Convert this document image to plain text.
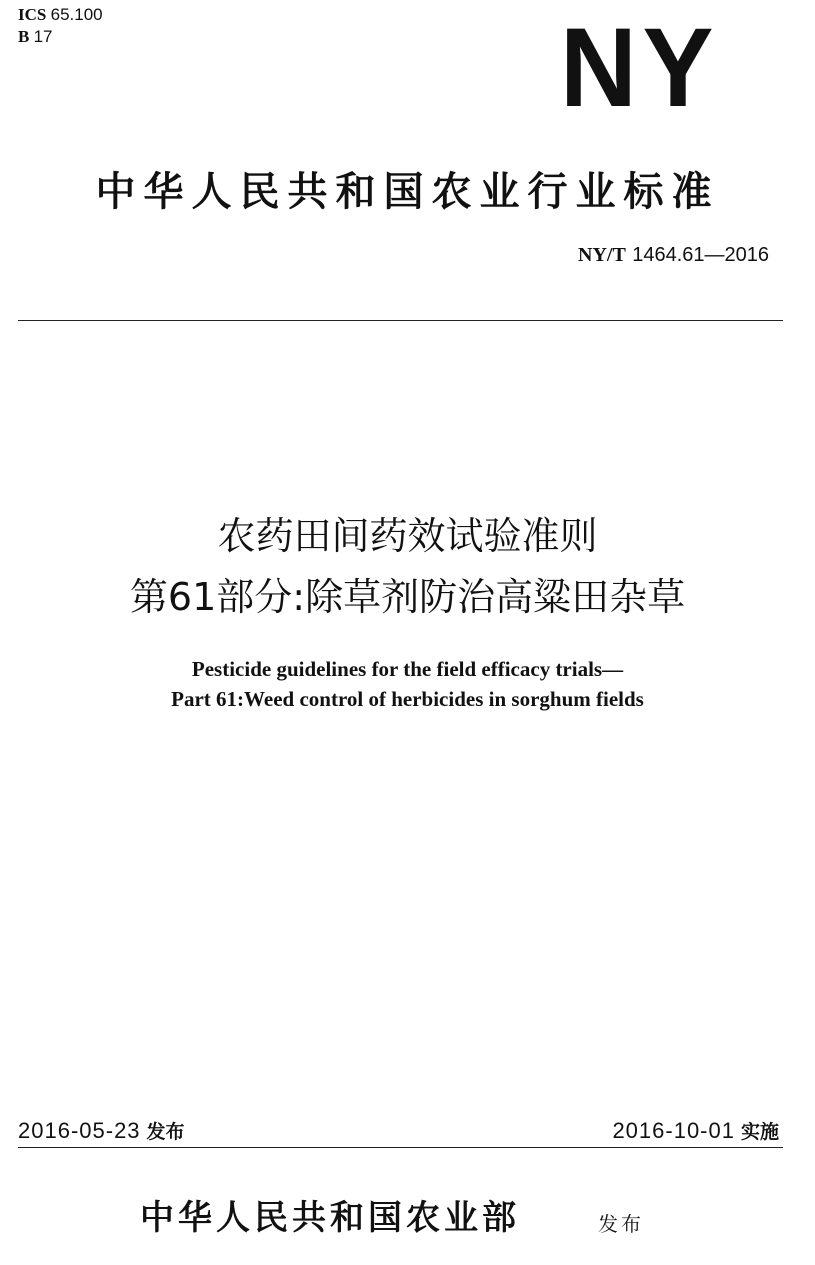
ICS 65.100
B 17	NY
中华人民共和国农业行业标准
NY/T 1464.61—2016
农药田间药效试验准则
第61部分:除草剂防治高粱田杂草
Pesticide guidelines for the field efficacy trials—
Part 61:Weed control of herbicides in sorghum fields
2016-05-23 发布	2016-10-01 实施
中华人民共和国农业部	发布
